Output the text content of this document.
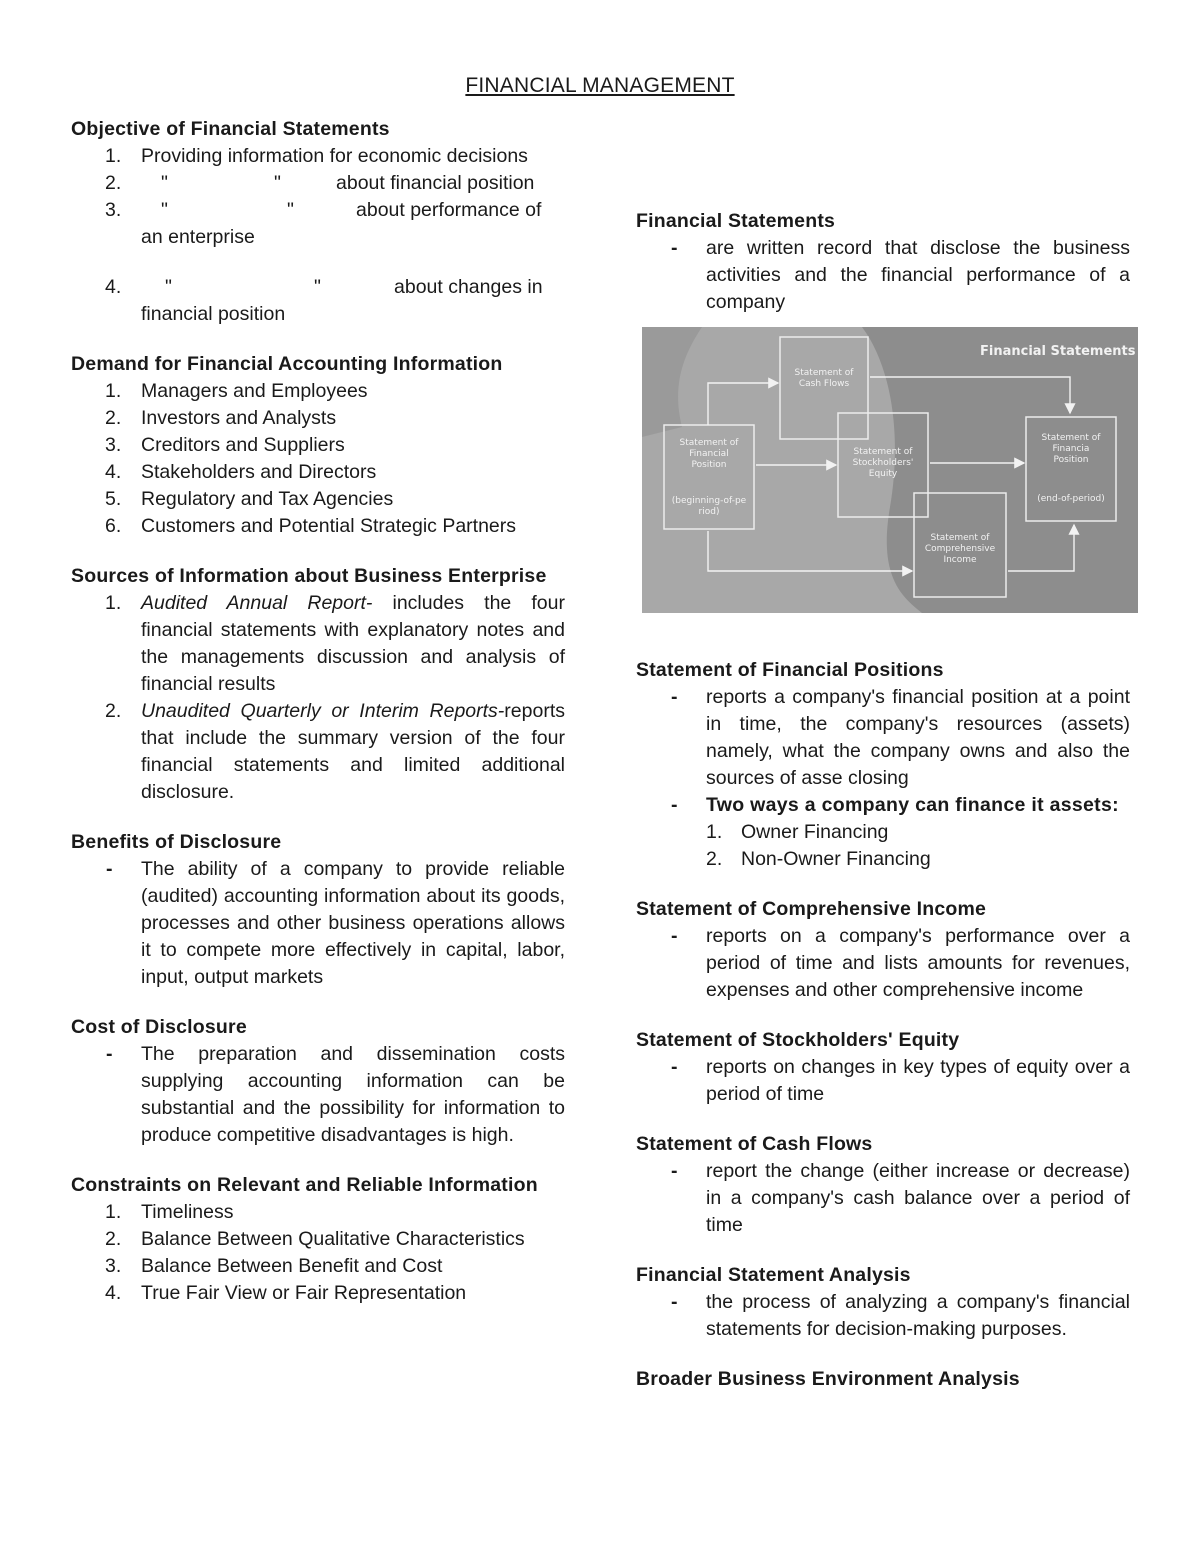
FINANCIAL MANAGEMENT
Objective of Financial Statements
1. Providing information for economic decisions
2. "	"	about financial position
3. "	"	about performance of
an enterprise
4. "	"	about changes in
financial position
Demand for Financial Accounting Information
1. Managers and Employees
2. Investors and Analysts
3. Creditors and Suppliers
4. Stakeholders and Directors
5. Regulatory and Tax Agencies
6. Customers and Potential Strategic Partners
Sources of Information about Business Enterprise
1. Audited Annual Report- includes the four financial statements with explanatory notes and the managements discussion and analysis of financial results
2. Unaudited Quarterly or Interim Reports-reports that include the summary version of the four financial statements and limited additional disclosure.
Benefits of Disclosure
- The ability of a company to provide reliable (audited) accounting information about its goods, processes and other business operations allows it to compete more effectively in capital, labor, input, output markets
Cost of Disclosure
- The preparation and dissemination costs supplying accounting information can be substantial and the possibility for information to produce competitive disadvantages is high.
Constraints on Relevant and Reliable Information
1. Timeliness
2. Balance Between Qualitative Characteristics
3. Balance Between Benefit and Cost
4. True Fair View or Fair Representation
Financial Statements
- are written record that disclose the business activities and the financial performance of a company
Financial Statements
Statement of
Cash Flows
Statement of
Financial
Position
(beginning-of-pe
riod)
Statement of
Stockholders'
Equity
Statement of
Financia
Position
(end-of-period)
Statement of
Comprehensive
Income
Statement of Financial Positions
- reports a company's financial position at a point in time, the company's resources (assets) namely, what the company owns and also the sources of asse closing
- Two ways a company can finance it assets:
1. Owner Financing
2. Non-Owner Financing
Statement of Comprehensive Income
- reports on a company's performance over a period of time and lists amounts for revenues, expenses and other comprehensive income
Statement of Stockholders' Equity
- reports on changes in key types of equity over a period of time
Statement of Cash Flows
- report the change (either increase or decrease) in a company's cash balance over a period of time
Financial Statement Analysis
- the process of analyzing a company's financial statements for decision-making purposes.
Broader Business Environment Analysis
